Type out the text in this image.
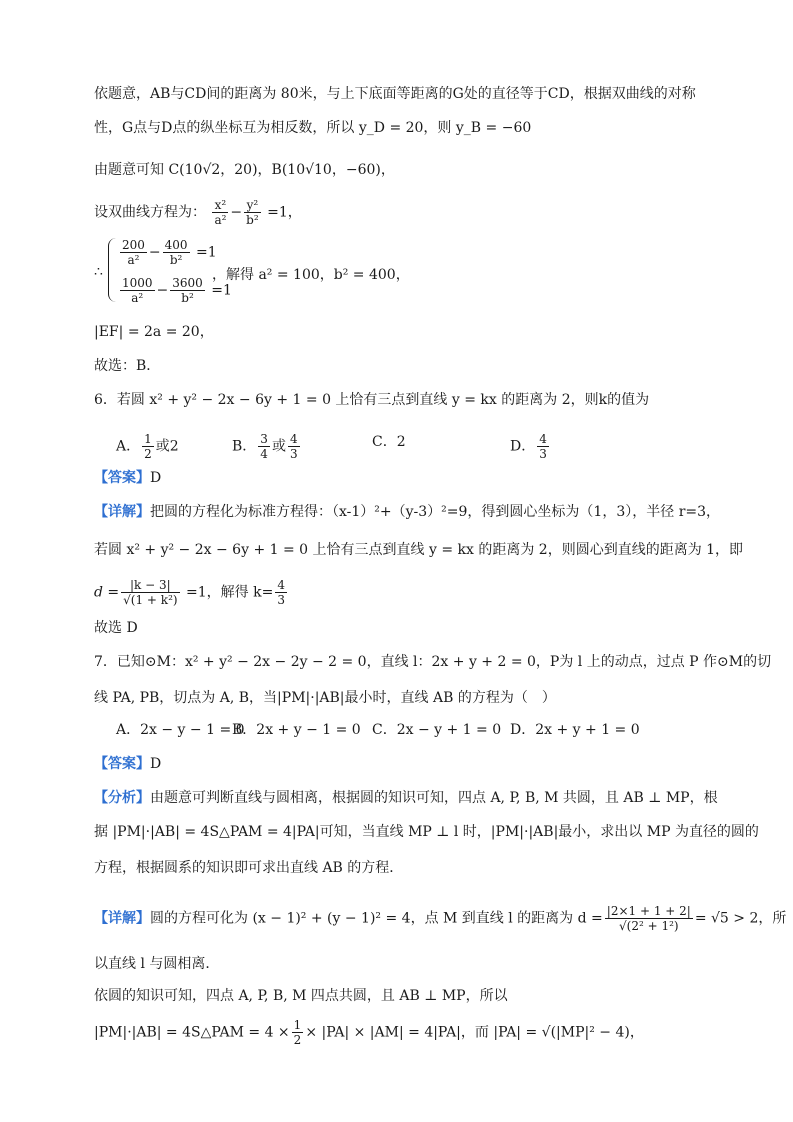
依题意，AB与CD间的距离为 80米，与上下底面等距离的G处的直径等于CD，根据双曲线的对称
性，G点与D点的纵坐标互为相反数，所以 y_D = 20，则 y_B = −60
由题意可知 C(10√2，20)，B(10√10，−60)，
设双曲线方程为： $\frac{\text{x²}}{\text{a²}} - \frac{\text{y²}}{\text{b²}} =1$，
∴
$\frac{200}{\text{a²}} - \frac{400}{\text{b²}} =1$
$\frac{1000}{\text{a²}} - \frac{3600}{\text{b²}} =1$
，解得 a² = 100，b² = 400，
|EF| = 2a = 20，
故选：B．
6．若圆 x² + y² − 2x − 6y + 1 = 0 上恰有三点到直线 y = kx 的距离为 2，则k的值为
A． $\frac{1}{2}$ 或2	B． $\frac{3}{4}$ 或 $\frac{4}{3}$	C．2	D． $\frac{4}{3}$
【答案】D
【详解】把圆的方程化为标准方程得：（x-1）²+（y-3）²=9，得到圆心坐标为（1，3），半径 r=3，
若圆 x² + y² − 2x − 6y + 1 = 0 上恰有三点到直线 y = kx 的距离为 2，则圆心到直线的距离为 1，即
$d = \frac{|k - 3|}{\text{√(1 + k²)}} =1$，解得 $k= \frac{4}{3}$
故选 D
7．已知⊙M：x² + y² − 2x − 2y − 2 = 0，直线 l：2x + y + 2 = 0，P为 l 上的动点，过点 P 作⊙M的切
线 PA, PB，切点为 A, B，当|PM|·|AB|最小时，直线 AB 的方程为（　）
A．2x − y − 1 = 0
B．2x + y − 1 = 0 C．2x − y + 1 = 0 D．2x + y + 1 = 0
【答案】D
【分析】由题意可判断直线与圆相离，根据圆的知识可知，四点 A, P, B, M 共圆，且 AB ⊥ MP，根
据 |PM|·|AB| = 4S△PAM = 4|PA|可知，当直线 MP ⊥ l 时，|PM|·|AB|最小，求出以 MP 为直径的圆的
方程，根据圆系的知识即可求出直线 AB 的方程．
【详解】圆的方程可化为 (x − 1)² + (y − 1)² = 4，点 M 到直线 l 的距离为 $d = \frac{|2\times 1 + 1 + 2|}{\text{√(2² + 1²)}} = √5 > 2$，所
以直线 l 与圆相离．
依圆的知识可知，四点 A, P, B, M 四点共圆，且 AB ⊥ MP，所以
|PM|·|AB| = 4S△PAM = $4 \times \frac{1}{2} \times |PA| \times |AM| = 4|PA|$，而 |PA| = √(|MP|² − 4)，
